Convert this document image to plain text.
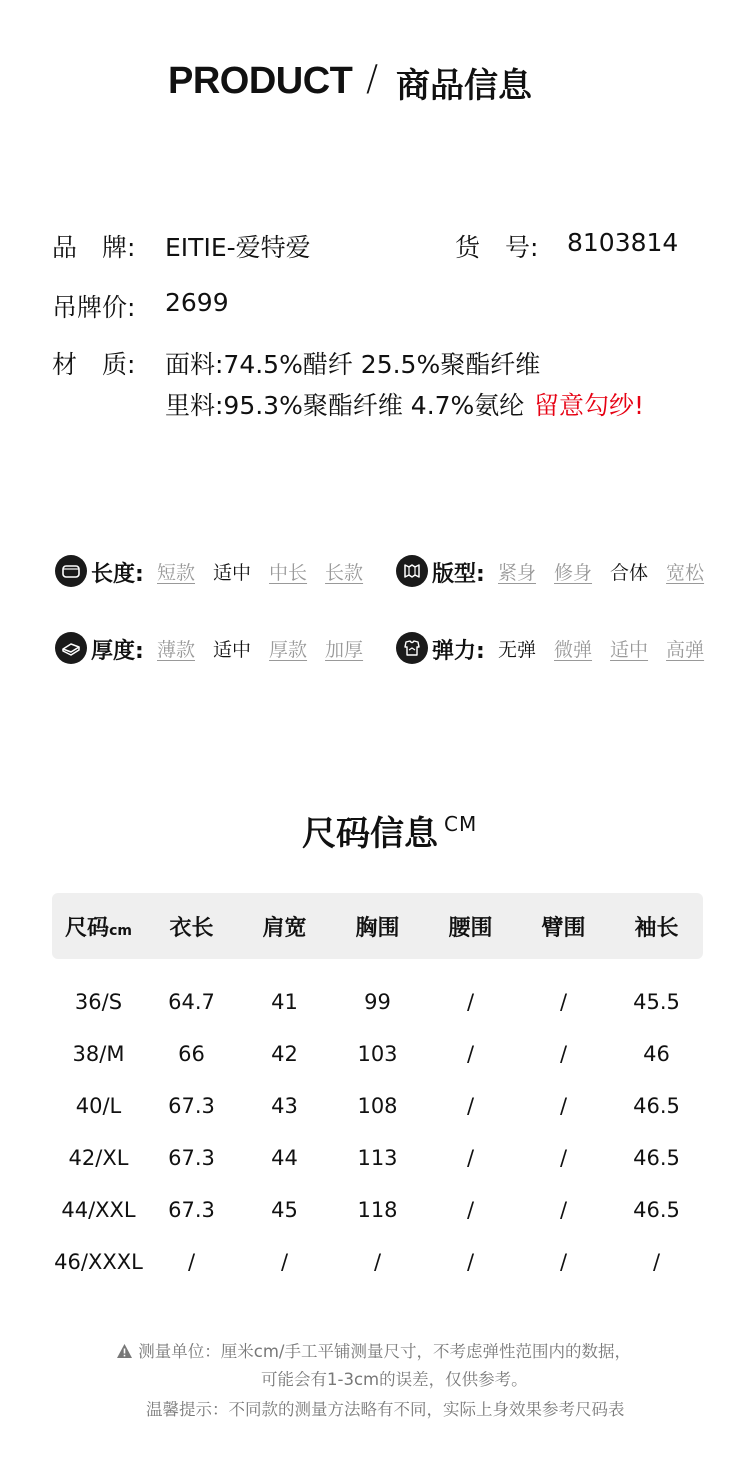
PRODUCT / 商品信息
品　牌: EITIE-爱特爱	货　号: 8103814
吊牌价: 2699
材　质: 面料:74.5%醋纤 25.5%聚酯纤维
里料:95.3%聚酯纤维 4.7%氨纶 留意勾纱!
长度: 短款 适中 中长 长款	版型: 紧身 修身 合体 宽松
厚度: 薄款 适中 厚款 加厚	弹力: 无弹 微弹 适中 高弹
尺码信息 CM
尺码cm	衣长	肩宽	胸围	腰围	臂围	袖长
36/S	64.7	41	99	/	/	45.5
38/M	66	42	103	/	/	46
40/L	67.3	43	108	/	/	46.5
42/XL	67.3	44	113	/	/	46.5
44/XXL	67.3	45	118	/	/	46.5
46/XXXL	/	/	/	/	/	/
测量单位：厘米cm/手工平铺测量尺寸，不考虑弹性范围内的数据，
可能会有1-3cm的误差，仅供参考。
温馨提示：不同款的测量方法略有不同，实际上身效果参考尺码表
